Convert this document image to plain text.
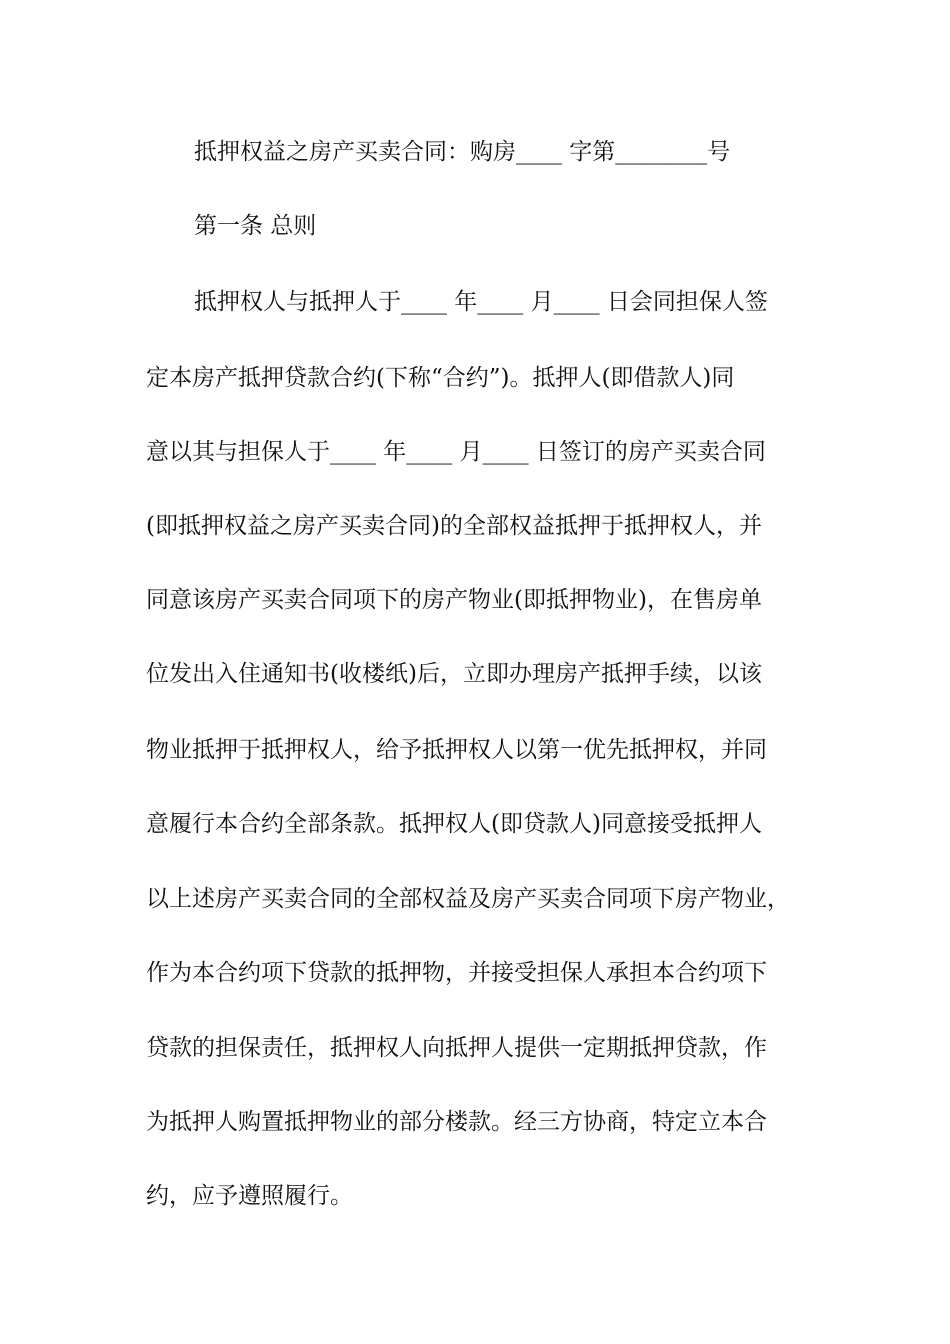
抵押权益之房产买卖合同：购房____ 字第________号
第一条 总则
抵押权人与抵押人于____ 年____ 月____ 日会同担保人签
定本房产抵押贷款合约(下称“合约”)。抵押人(即借款人)同
意以其与担保人于____ 年____ 月____ 日签订的房产买卖合同
(即抵押权益之房产买卖合同)的全部权益抵押于抵押权人，并
同意该房产买卖合同项下的房产物业(即抵押物业)，在售房单
位发出入住通知书(收楼纸)后，立即办理房产抵押手续，以该
物业抵押于抵押权人，给予抵押权人以第一优先抵押权，并同
意履行本合约全部条款。抵押权人(即贷款人)同意接受抵押人
以上述房产买卖合同的全部权益及房产买卖合同项下房产物业，
作为本合约项下贷款的抵押物，并接受担保人承担本合约项下
贷款的担保责任，抵押权人向抵押人提供一定期抵押贷款，作
为抵押人购置抵押物业的部分楼款。经三方协商，特定立本合
约，应予遵照履行。
